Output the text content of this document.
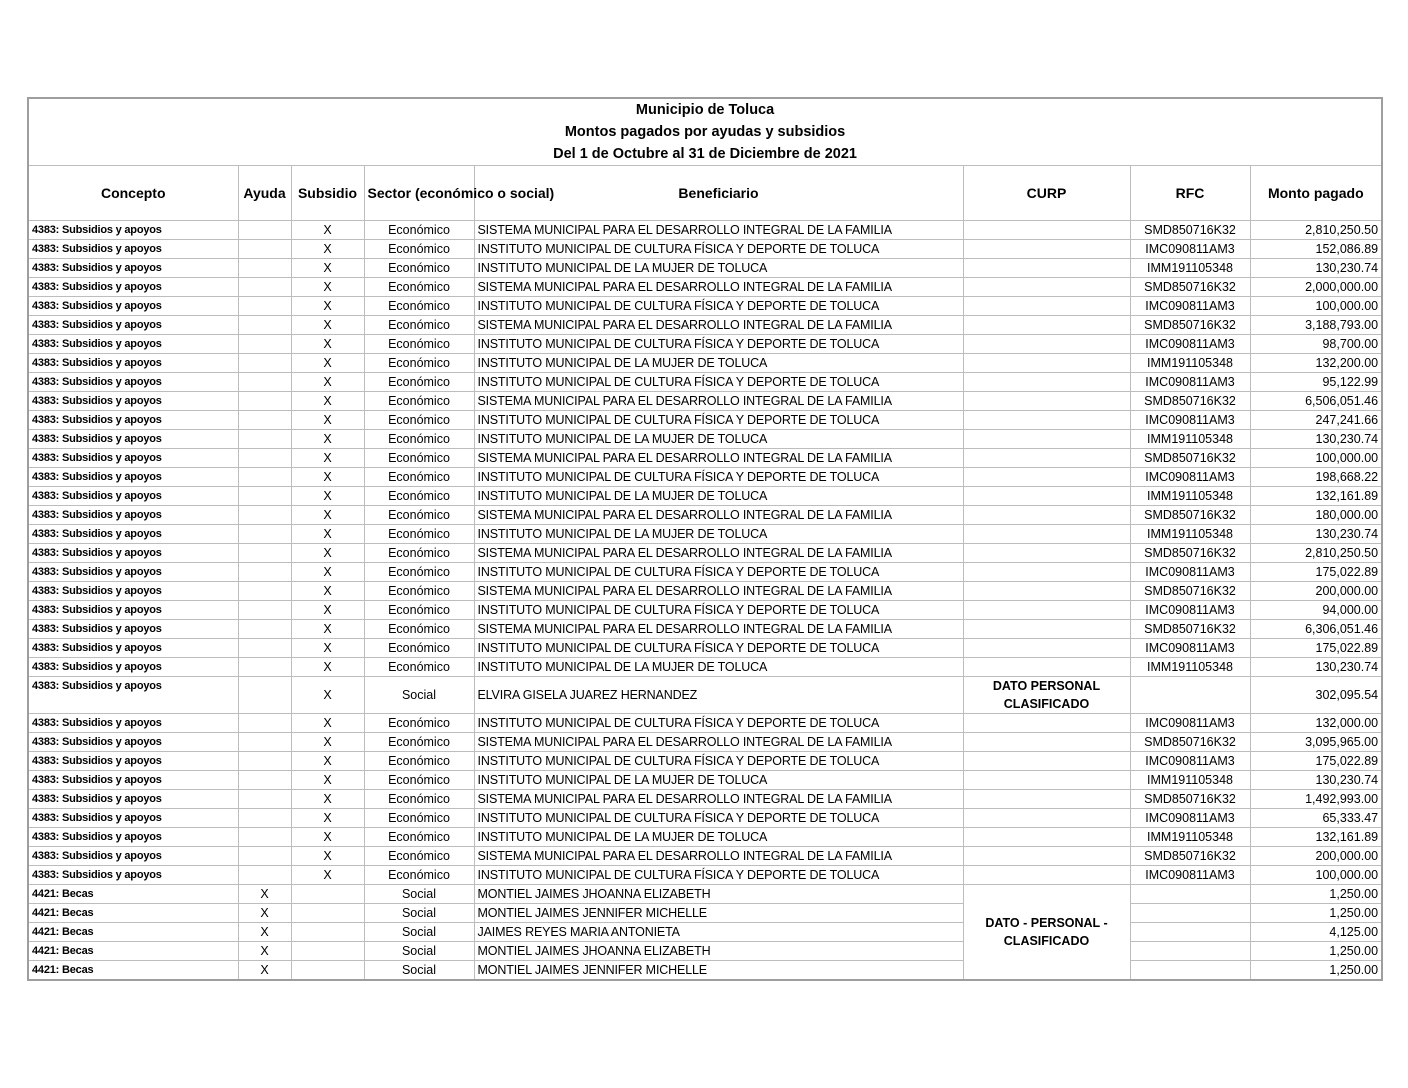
Municipio de Toluca
Montos pagados por ayudas y subsidios
Del 1 de Octubre al 31 de Diciembre de 2021							

Concepto	Ayuda	Subsidio	Sector (económico o social)	Beneficiario	CURP	RFC	Monto pagado
4383: Subsidios y apoyos		X	Económico	SISTEMA MUNICIPAL PARA EL DESARROLLO INTEGRAL DE LA FAMILIA		SMD850716K32	2,810,250.50
4383: Subsidios y apoyos		X	Económico	INSTITUTO MUNICIPAL DE CULTURA FÍSICA Y DEPORTE DE TOLUCA		IMC090811AM3	152,086.89
4383: Subsidios y apoyos		X	Económico	INSTITUTO MUNICIPAL DE LA MUJER DE TOLUCA		IMM191105348	130,230.74
4383: Subsidios y apoyos		X	Económico	SISTEMA MUNICIPAL PARA EL DESARROLLO INTEGRAL DE LA FAMILIA		SMD850716K32	2,000,000.00
4383: Subsidios y apoyos		X	Económico	INSTITUTO MUNICIPAL DE CULTURA FÍSICA Y DEPORTE DE TOLUCA		IMC090811AM3	100,000.00
4383: Subsidios y apoyos		X	Económico	SISTEMA MUNICIPAL PARA EL DESARROLLO INTEGRAL DE LA FAMILIA		SMD850716K32	3,188,793.00
4383: Subsidios y apoyos		X	Económico	INSTITUTO MUNICIPAL DE CULTURA FÍSICA Y DEPORTE DE TOLUCA		IMC090811AM3	98,700.00
4383: Subsidios y apoyos		X	Económico	INSTITUTO MUNICIPAL DE LA MUJER DE TOLUCA		IMM191105348	132,200.00
4383: Subsidios y apoyos		X	Económico	INSTITUTO MUNICIPAL DE CULTURA FÍSICA Y DEPORTE DE TOLUCA		IMC090811AM3	95,122.99
4383: Subsidios y apoyos		X	Económico	SISTEMA MUNICIPAL PARA EL DESARROLLO INTEGRAL DE LA FAMILIA		SMD850716K32	6,506,051.46
4383: Subsidios y apoyos		X	Económico	INSTITUTO MUNICIPAL DE CULTURA FÍSICA Y DEPORTE DE TOLUCA		IMC090811AM3	247,241.66
4383: Subsidios y apoyos		X	Económico	INSTITUTO MUNICIPAL DE LA MUJER DE TOLUCA		IMM191105348	130,230.74
4383: Subsidios y apoyos		X	Económico	SISTEMA MUNICIPAL PARA EL DESARROLLO INTEGRAL DE LA FAMILIA		SMD850716K32	100,000.00
4383: Subsidios y apoyos		X	Económico	INSTITUTO MUNICIPAL DE CULTURA FÍSICA Y DEPORTE DE TOLUCA		IMC090811AM3	198,668.22
4383: Subsidios y apoyos		X	Económico	INSTITUTO MUNICIPAL DE LA MUJER DE TOLUCA		IMM191105348	132,161.89
4383: Subsidios y apoyos		X	Económico	SISTEMA MUNICIPAL PARA EL DESARROLLO INTEGRAL DE LA FAMILIA		SMD850716K32	180,000.00
4383: Subsidios y apoyos		X	Económico	INSTITUTO MUNICIPAL DE LA MUJER DE TOLUCA		IMM191105348	130,230.74
4383: Subsidios y apoyos		X	Económico	SISTEMA MUNICIPAL PARA EL DESARROLLO INTEGRAL DE LA FAMILIA		SMD850716K32	2,810,250.50
4383: Subsidios y apoyos		X	Económico	INSTITUTO MUNICIPAL DE CULTURA FÍSICA Y DEPORTE DE TOLUCA		IMC090811AM3	175,022.89
4383: Subsidios y apoyos		X	Económico	SISTEMA MUNICIPAL PARA EL DESARROLLO INTEGRAL DE LA FAMILIA		SMD850716K32	200,000.00
4383: Subsidios y apoyos		X	Económico	INSTITUTO MUNICIPAL DE CULTURA FÍSICA Y DEPORTE DE TOLUCA		IMC090811AM3	94,000.00
4383: Subsidios y apoyos		X	Económico	SISTEMA MUNICIPAL PARA EL DESARROLLO INTEGRAL DE LA FAMILIA		SMD850716K32	6,306,051.46
4383: Subsidios y apoyos		X	Económico	INSTITUTO MUNICIPAL DE CULTURA FÍSICA Y DEPORTE DE TOLUCA		IMC090811AM3	175,022.89
4383: Subsidios y apoyos		X	Económico	INSTITUTO MUNICIPAL DE LA MUJER DE TOLUCA		IMM191105348	130,230.74
4383: Subsidios y apoyos		X	Social	ELVIRA GISELA JUAREZ HERNANDEZ	DATO PERSONAL CLASIFICADO		302,095.54
4383: Subsidios y apoyos		X	Económico	INSTITUTO MUNICIPAL DE CULTURA FÍSICA Y DEPORTE DE TOLUCA		IMC090811AM3	132,000.00
4383: Subsidios y apoyos		X	Económico	SISTEMA MUNICIPAL PARA EL DESARROLLO INTEGRAL DE LA FAMILIA		SMD850716K32	3,095,965.00
4383: Subsidios y apoyos		X	Económico	INSTITUTO MUNICIPAL DE CULTURA FÍSICA Y DEPORTE DE TOLUCA		IMC090811AM3	175,022.89
4383: Subsidios y apoyos		X	Económico	INSTITUTO MUNICIPAL DE LA MUJER DE TOLUCA		IMM191105348	130,230.74
4383: Subsidios y apoyos		X	Económico	SISTEMA MUNICIPAL PARA EL DESARROLLO INTEGRAL DE LA FAMILIA		SMD850716K32	1,492,993.00
4383: Subsidios y apoyos		X	Económico	INSTITUTO MUNICIPAL DE CULTURA FÍSICA Y DEPORTE DE TOLUCA		IMC090811AM3	65,333.47
4383: Subsidios y apoyos		X	Económico	INSTITUTO MUNICIPAL DE LA MUJER DE TOLUCA		IMM191105348	132,161.89
4383: Subsidios y apoyos		X	Económico	SISTEMA MUNICIPAL PARA EL DESARROLLO INTEGRAL DE LA FAMILIA		SMD850716K32	200,000.00
4383: Subsidios y apoyos		X	Económico	INSTITUTO MUNICIPAL DE CULTURA FÍSICA Y DEPORTE DE TOLUCA		IMC090811AM3	100,000.00
4421: Becas	X		Social	MONTIEL JAIMES JHOANNA ELIZABETH	DATO - PERSONAL - CLASIFICADO		1,250.00
4421: Becas	X		Social	MONTIEL JAIMES JENNIFER MICHELLE			1,250.00
4421: Becas	X		Social	JAIMES REYES MARIA ANTONIETA			4,125.00
4421: Becas	X		Social	MONTIEL JAIMES JHOANNA ELIZABETH			1,250.00
4421: Becas	X		Social	MONTIEL JAIMES JENNIFER MICHELLE			1,250.00
